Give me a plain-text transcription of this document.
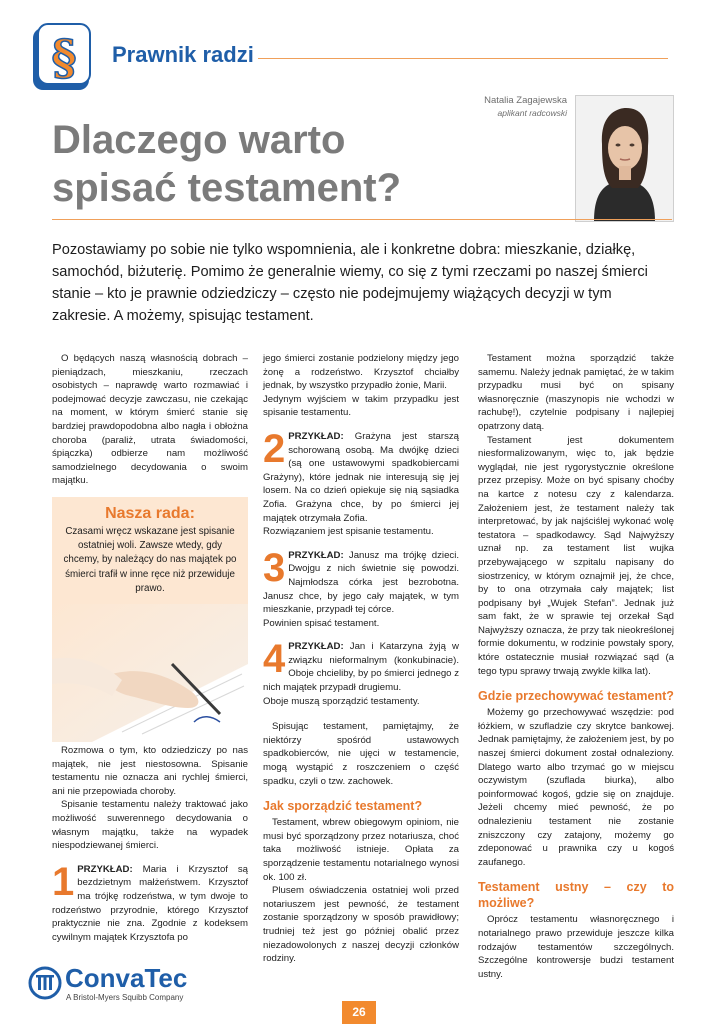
§ Prawnik radzi
Natalia Zagajewska
aplikant radcowski
Dlaczego warto
spisać testament?

Pozostawiamy po sobie nie tylko wspomnienia, ale i konkretne dobra: mieszkanie, działkę, samochód, biżuterię. Pomimo że generalnie wiemy, co się z tymi rzeczami po naszej śmierci stanie – kto je prawnie odziedziczy – często nie podejmujemy wiążących decyzji w tym zakresie. A możemy, spisując testament.

O będących naszą własnością dobrach – pieniądzach, mieszkaniu, rzeczach osobistych – naprawdę warto rozmawiać i podejmować decyzje zawczasu, nie czekając na moment, w którym śmierć stanie się bardziej prawdopodobna albo nagła i obłożna choroba (paraliż, utrata świadomości, śpiączka) odbierze nam możliwość samodzielnego decydowania o swoim majątku.

Nasza rada:
Czasami wręcz wskazane jest spisanie ostatniej woli. Zawsze wtedy, gdy chcemy, by należący do nas majątek po śmierci trafił w inne ręce niż przewiduje prawo.

Rozmowa o tym, kto odziedziczy po nas majątek, nie jest niestosowna. Spisanie testamentu nie oznacza ani rychlej śmierci, ani nie przepowiada choroby.

Spisanie testamentu należy traktować jako możliwość suwerennego decydowania o własnym majątku, także na wypadek niespodziewanej śmierci.

1 PRZYKŁAD: Maria i Krzysztof są bezdzietnym małżeństwem. Krzysztof ma trójkę rodzeństwa, w tym dwoje to rodzeństwo przyrodnie, którego Krzysztof praktycznie nie zna. Zgodnie z kodeksem cywilnym majątek Krzysztofa po

jego śmierci zostanie podzielony między jego żonę a rodzeństwo. Krzysztof chciałby jednak, by wszystko przypadło żonie, Marii.

Jedynym wyjściem w takim przypadku jest spisanie testamentu.

2 PRZYKŁAD: Grażyna jest starszą schorowaną osobą. Ma dwójkę dzieci (są one ustawowymi spadkobiercami Grażyny), które jednak nie interesują się jej losem. Na co dzień opiekuje się nią sąsiadka Zofia. Grażyna chce, by po śmierci jej majątek otrzymała Zofia.
Rozwiązaniem jest spisanie testamentu.
3 PRZYKŁAD: Janusz ma trójkę dzieci. Dwojgu z nich świetnie się powodzi. Najmłodsza córka jest bezrobotna. Janusz chce, by jego cały majątek, w tym mieszkanie, przypadł tej córce.
Powinien spisać testament.
4 PRZYKŁAD: Jan i Katarzyna żyją w związku nieformalnym (konkubinacie). Oboje chcieliby, by po śmierci jednego z nich majątek przypadł drugiemu.
Oboje muszą sporządzić testamenty.

Spisując testament, pamiętajmy, że niektórzy spośród ustawowych spadkobierców, nie ujęci w testamencie, mogą wystąpić z roszczeniem o część spadku, czyli o tzw. zachowek.

Jak sporządzić testament?

Testament, wbrew obiegowym opiniom, nie musi być sporządzony przez notariusza, choć taka możliwość istnieje. Opłata za sporządzenie testamentu notarialnego wynosi ok. 100 zł.

Plusem oświadczenia ostatniej woli przed notariuszem jest pewność, że testament zostanie sporządzony w sposób prawidłowy; trudniej też jest go później obalić przez niezadowolonych z naszej decyzji członków rodziny.

Testament można sporządzić także samemu. Należy jednak pamiętać, że w takim przypadku musi być on spisany własnoręcznie (maszynopis nie wchodzi w rachubę!), czytelnie podpisany i najlepiej opatrzony datą.

Testament jest dokumentem niesformalizowanym, więc to, jak będzie wyglądał, nie jest rygorystycznie określone przez przepisy. Może on być spisany choćby na kartce z notesu czy z kalendarza. Założeniem jest, że testament należy tak interpretować, by jak najściślej wykonać wolę testatora – spadkodawcy. Sąd Najwyższy uznał np. za testament list wujka przebywającego w szpitalu napisany do siostrzenicy, w którym oznajmił jej, że chce, by to ona otrzymała cały majątek; list podpisany był „Wujek Stefan”. Jednak już sam fakt, że w sprawie tej orzekał Sąd Najwyższy oznacza, że przy tak nieokreślonej formie dokumentu, w rodzinie powstały spory, które ostatecznie musiał rozwiązać sąd (a tego typu sprawy trwają zwykle kilka lat).

Gdzie przechowywać testament?

Możemy go przechowywać wszędzie: pod łóżkiem, w szufladzie czy skrytce bankowej. Jednak pamiętajmy, że założeniem jest, by po naszej śmierci dokument został odnaleziony. Dlatego warto albo trzymać go w miejscu oczywistym (szuflada biurka), albo poinformować kogoś, gdzie się on znajduje. Jeżeli chcemy mieć pewność, że po odnalezieniu testament nie zostanie zniszczony czy zatajony, możemy go zdeponować u prawnika czy u kogoś zaufanego.

Testament ustny – czy to możliwe?

Oprócz testamentu własnoręcznego i notarialnego prawo przewiduje jeszcze kilka rodzajów testamentów szczególnych. Szczególne kontrowersje budzi testament ustny.

ConvaTec
A Bristol-Myers Squibb Company
26
